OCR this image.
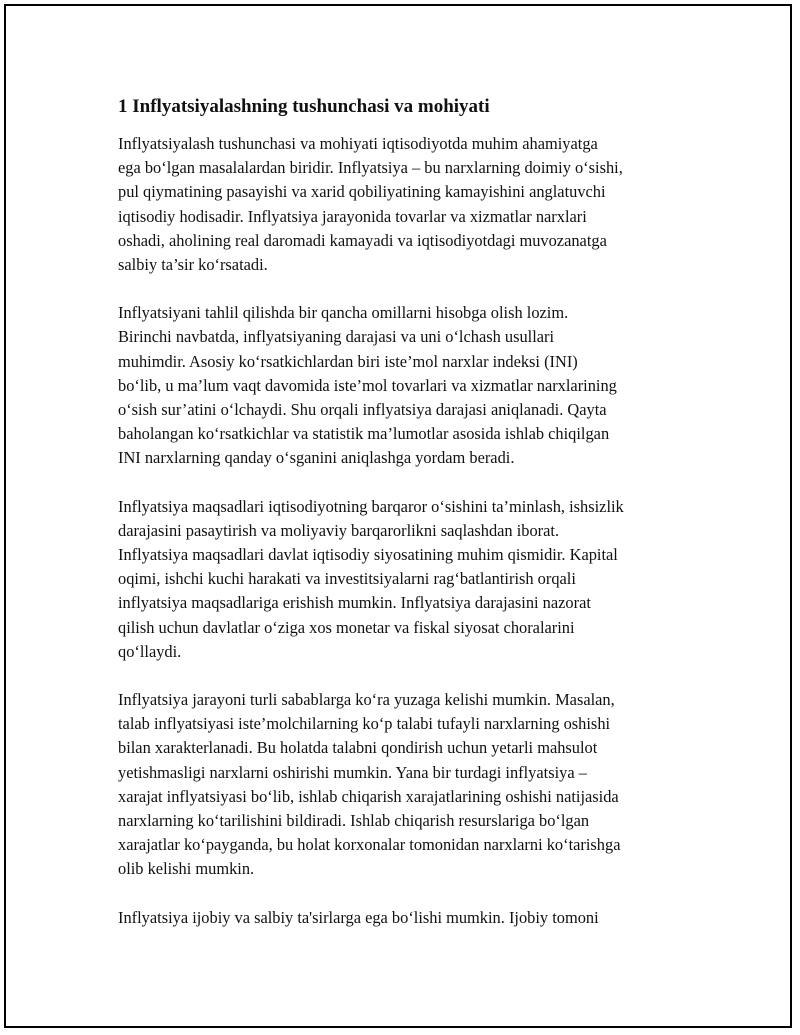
1 Inflyatsiyalashning tushunchasi va mohiyati

Inflyatsiyalash tushunchasi va mohiyati iqtisodiyotda muhim ahamiyatga
ega bo‘lgan masalalardan biridir. Inflyatsiya – bu narxlarning doimiy o‘sishi,
pul qiymatining pasayishi va xarid qobiliyatining kamayishini anglatuvchi
iqtisodiy hodisadir. Inflyatsiya jarayonida tovarlar va xizmatlar narxlari
oshadi, aholining real daromadi kamayadi va iqtisodiyotdagi muvozanatga
salbiy ta’sir ko‘rsatadi.

Inflyatsiyani tahlil qilishda bir qancha omillarni hisobga olish lozim.
Birinchi navbatda, inflyatsiyaning darajasi va uni o‘lchash usullari
muhimdir. Asosiy ko‘rsatkichlardan biri iste’mol narxlar indeksi (INI)
bo‘lib, u ma’lum vaqt davomida iste’mol tovarlari va xizmatlar narxlarining
o‘sish sur’atini o‘lchaydi. Shu orqali inflyatsiya darajasi aniqlanadi. Qayta
baholangan ko‘rsatkichlar va statistik ma’lumotlar asosida ishlab chiqilgan
INI narxlarning qanday o‘sganini aniqlashga yordam beradi.

Inflyatsiya maqsadlari iqtisodiyotning barqaror o‘sishini ta’minlash, ishsizlik
darajasini pasaytirish va moliyaviy barqarorlikni saqlashdan iborat.
Inflyatsiya maqsadlari davlat iqtisodiy siyosatining muhim qismidir. Kapital
oqimi, ishchi kuchi harakati va investitsiyalarni rag‘batlantirish orqali
inflyatsiya maqsadlariga erishish mumkin. Inflyatsiya darajasini nazorat
qilish uchun davlatlar o‘ziga xos monetar va fiskal siyosat choralarini
qo‘llaydi.

Inflyatsiya jarayoni turli sabablarga ko‘ra yuzaga kelishi mumkin. Masalan,
talab inflyatsiyasi iste’molchilarning ko‘p talabi tufayli narxlarning oshishi
bilan xarakterlanadi. Bu holatda talabni qondirish uchun yetarli mahsulot
yetishmasligi narxlarni oshirishi mumkin. Yana bir turdagi inflyatsiya –
xarajat inflyatsiyasi bo‘lib, ishlab chiqarish xarajatlarining oshishi natijasida
narxlarning ko‘tarilishini bildiradi. Ishlab chiqarish resurslariga bo‘lgan
xarajatlar ko‘payganda, bu holat korxonalar tomonidan narxlarni ko‘tarishga
olib kelishi mumkin.

Inflyatsiya ijobiy va salbiy ta'sirlarga ega bo‘lishi mumkin. Ijobiy tomoni
